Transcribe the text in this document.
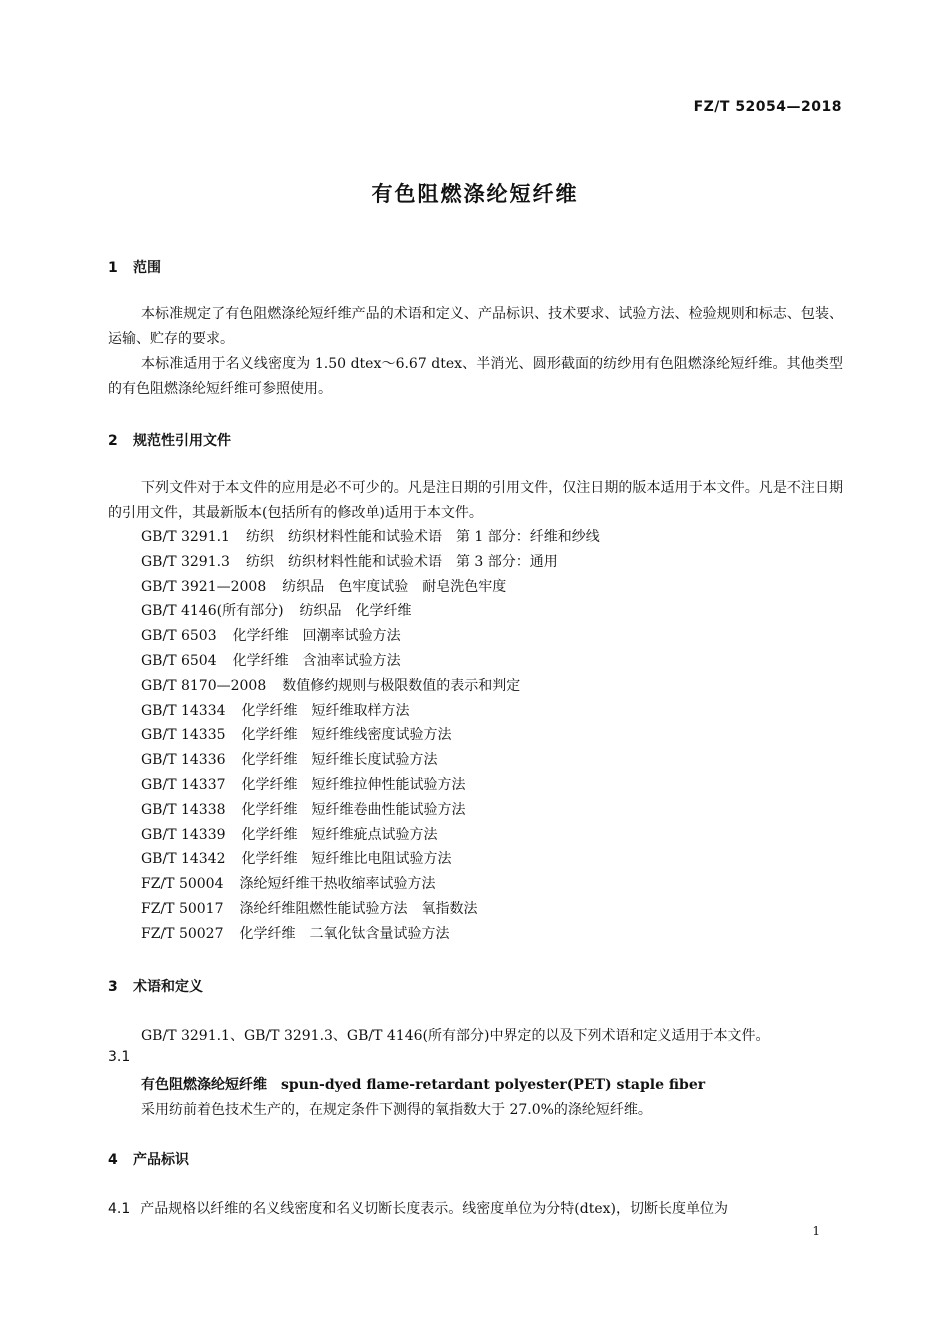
FZ/T 52054—2018
有色阻燃涤纶短纤维
1 范围
本标准规定了有色阻燃涤纶短纤维产品的术语和定义、产品标识、技术要求、试验方法、检验规则和标志、包装、运输、贮存的要求。
本标准适用于名义线密度为 1.50 dtex～6.67 dtex、半消光、圆形截面的纺纱用有色阻燃涤纶短纤维。其他类型的有色阻燃涤纶短纤维可参照使用。
2 规范性引用文件
下列文件对于本文件的应用是必不可少的。凡是注日期的引用文件，仅注日期的版本适用于本文件。凡是不注日期的引用文件，其最新版本(包括所有的修改单)适用于本文件。
GB/T 3291.1 纺织　纺织材料性能和试验术语　第 1 部分：纤维和纱线
GB/T 3291.3 纺织　纺织材料性能和试验术语　第 3 部分：通用
GB/T 3921—2008 纺织品　色牢度试验　耐皂洗色牢度
GB/T 4146(所有部分) 纺织品　化学纤维
GB/T 6503 化学纤维　回潮率试验方法
GB/T 6504 化学纤维　含油率试验方法
GB/T 8170—2008 数值修约规则与极限数值的表示和判定
GB/T 14334 化学纤维　短纤维取样方法
GB/T 14335 化学纤维　短纤维线密度试验方法
GB/T 14336 化学纤维　短纤维长度试验方法
GB/T 14337 化学纤维　短纤维拉伸性能试验方法
GB/T 14338 化学纤维　短纤维卷曲性能试验方法
GB/T 14339 化学纤维　短纤维疵点试验方法
GB/T 14342 化学纤维　短纤维比电阻试验方法
FZ/T 50004 涤纶短纤维干热收缩率试验方法
FZ/T 50017 涤纶纤维阻燃性能试验方法　氧指数法
FZ/T 50027 化学纤维　二氧化钛含量试验方法
3 术语和定义
GB/T 3291.1、GB/T 3291.3、GB/T 4146(所有部分)中界定的以及下列术语和定义适用于本文件。
3.1
有色阻燃涤纶短纤维 spun-dyed flame-retardant polyester(PET) staple fiber
采用纺前着色技术生产的，在规定条件下测得的氧指数大于 27.0%的涤纶短纤维。
4 产品标识
4.1 产品规格以纤维的名义线密度和名义切断长度表示。线密度单位为分特(dtex)，切断长度单位为
1
